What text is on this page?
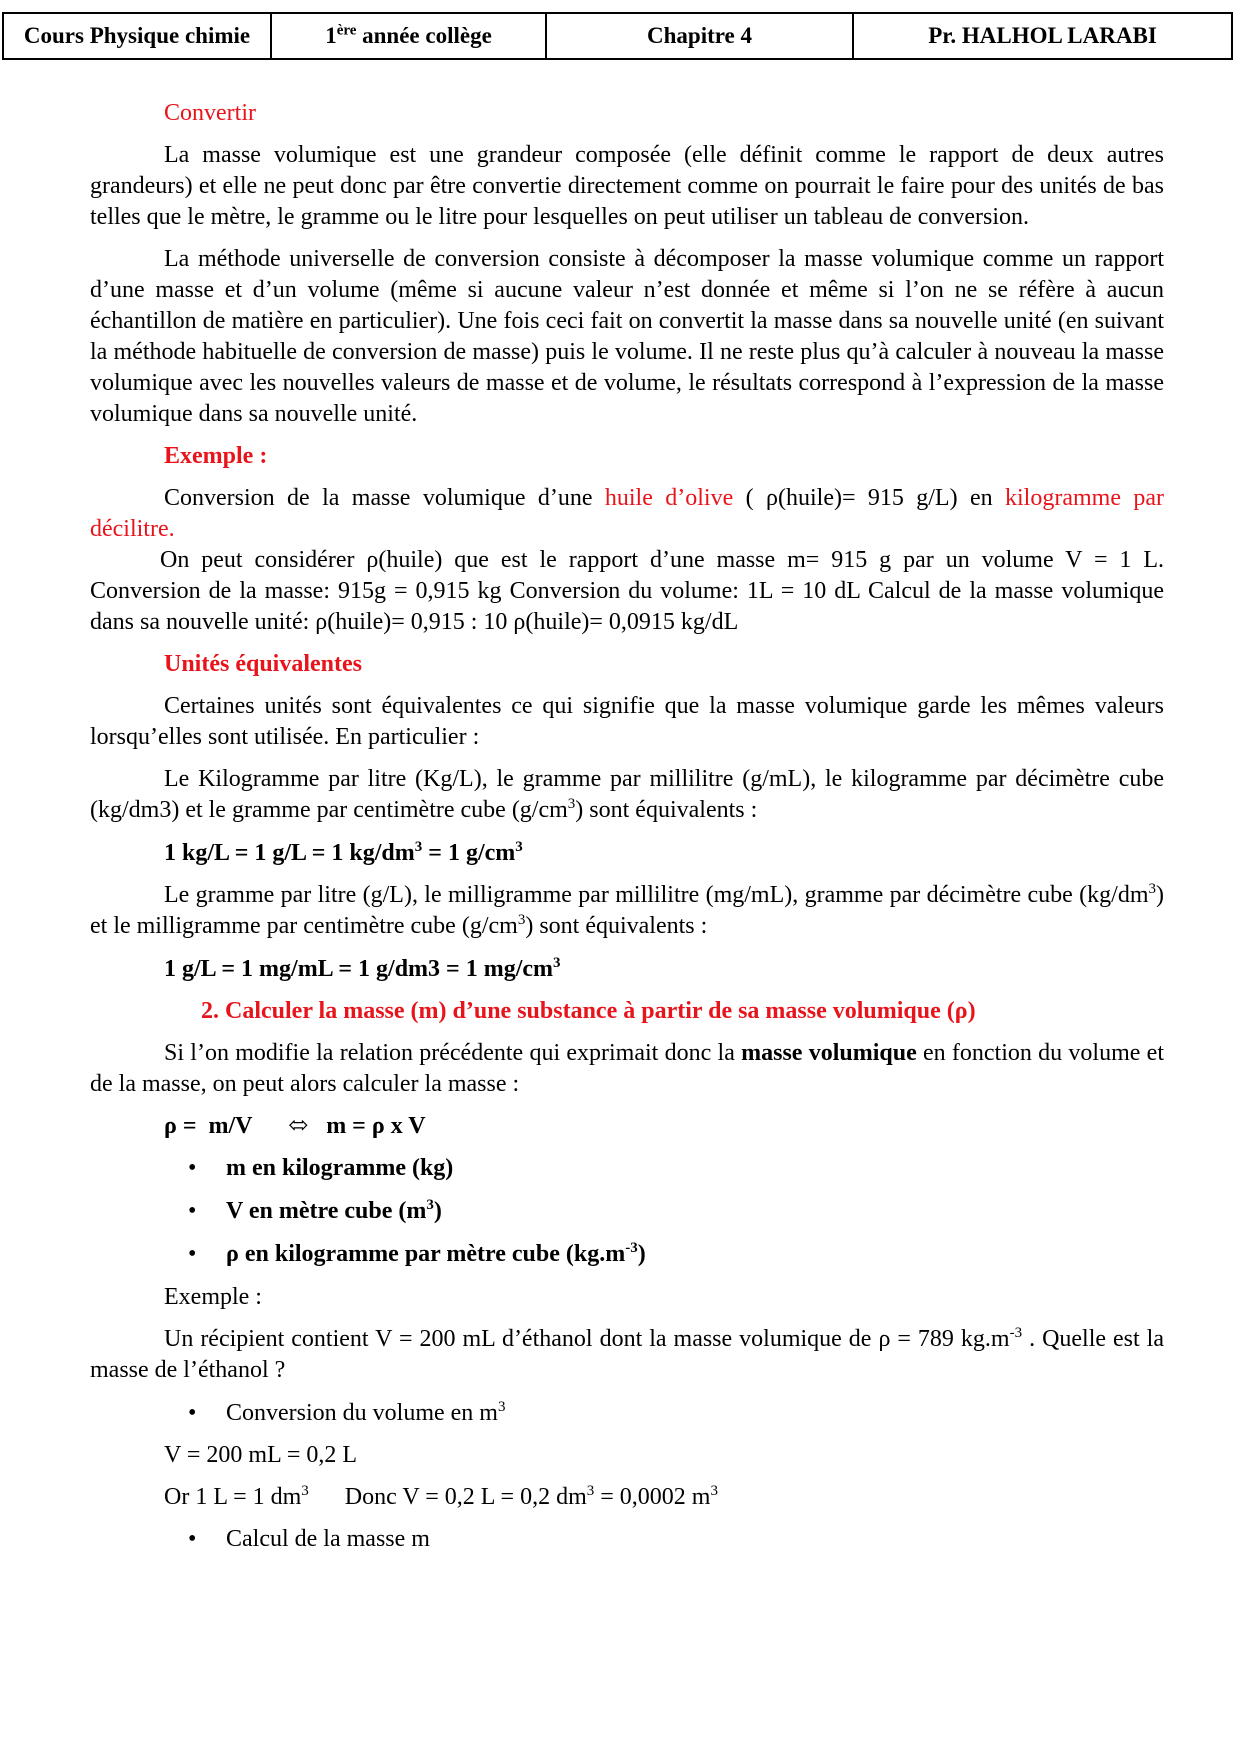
Cours Physique chimie	1ère année collège	Chapitre 4	Pr. HALHOL LARABI

Convertir

La masse volumique est une grandeur composée (elle définit comme le rapport de deux autres grandeurs) et elle ne peut donc par être convertie directement comme on pourrait le faire pour des unités de bas telles que le mètre, le gramme ou le litre pour lesquelles on peut utiliser un tableau de conversion.

La méthode universelle de conversion consiste à décomposer la masse volumique comme un rapport d’une masse et d’un volume (même si aucune valeur n’est donnée et même si l’on ne se réfère à aucun échantillon de matière en particulier). Une fois ceci fait on convertit la masse dans sa nouvelle unité (en suivant la méthode habituelle de conversion de masse) puis le volume. Il ne reste plus qu’à calculer à nouveau la masse volumique avec les nouvelles valeurs de masse et de volume, le résultats correspond à l’expression de la masse volumique dans sa nouvelle unité.

Exemple :

Conversion de la masse volumique d’une huile d’olive ( ρ(huile)= 915 g/L) en kilogramme par décilitre.

On peut considérer ρ(huile) que est le rapport d’une masse m= 915 g par un volume V = 1 L. Conversion de la masse: 915g = 0,915 kg Conversion du volume: 1L = 10 dL Calcul de la masse volumique dans sa nouvelle unité: ρ(huile)= 0,915 : 10 ρ(huile)= 0,0915 kg/dL

Unités équivalentes

Certaines unités sont équivalentes ce qui signifie que la masse volumique garde les mêmes valeurs lorsqu’elles sont utilisée. En particulier :

Le Kilogramme par litre (Kg/L), le gramme par millilitre (g/mL), le kilogramme par décimètre cube (kg/dm3) et le gramme par centimètre cube $(g/cm^3)$ sont équivalents :

1 kg/L = 1 g/L = 1 $kg/dm^3 = 1$ $g/cm^3$

Le gramme par litre (g/L), le milligramme par millilitre (mg/mL), gramme par décimètre cube $(kg/dm^3)$ et le milligramme par centimètre cube $(g/cm^3)$ sont équivalents :

1 g/L = 1 mg/mL = 1 g/dm3 = 1 $mg/cm^3$

2. Calculer la masse (m) d’une substance à partir de sa masse volumique (ρ)

Si l’on modifie la relation précédente qui exprimait donc la masse volumique en fonction du volume et de la masse, on peut alors calculer la masse :

ρ =  m/V      ⬄   m = ρ x V

• m en kilogramme (kg)
• V en mètre cube $(m^3)$
• ρ en kilogramme par mètre cube $(kg.m^{-3})$

Exemple :

Un récipient contient V = 200 mL d’éthanol dont la masse volumique de ρ = 789 $kg.m^{-3}$ . Quelle est la masse de l’éthanol ?

• Conversion du volume en $m^3$

V = 200 mL = 0,2 L

Or 1 L = 1 $dm^3$      Donc V = 0,2 L = 0,2 $dm^3 = 0,0002$ $m^3$

• Calcul de la masse m
